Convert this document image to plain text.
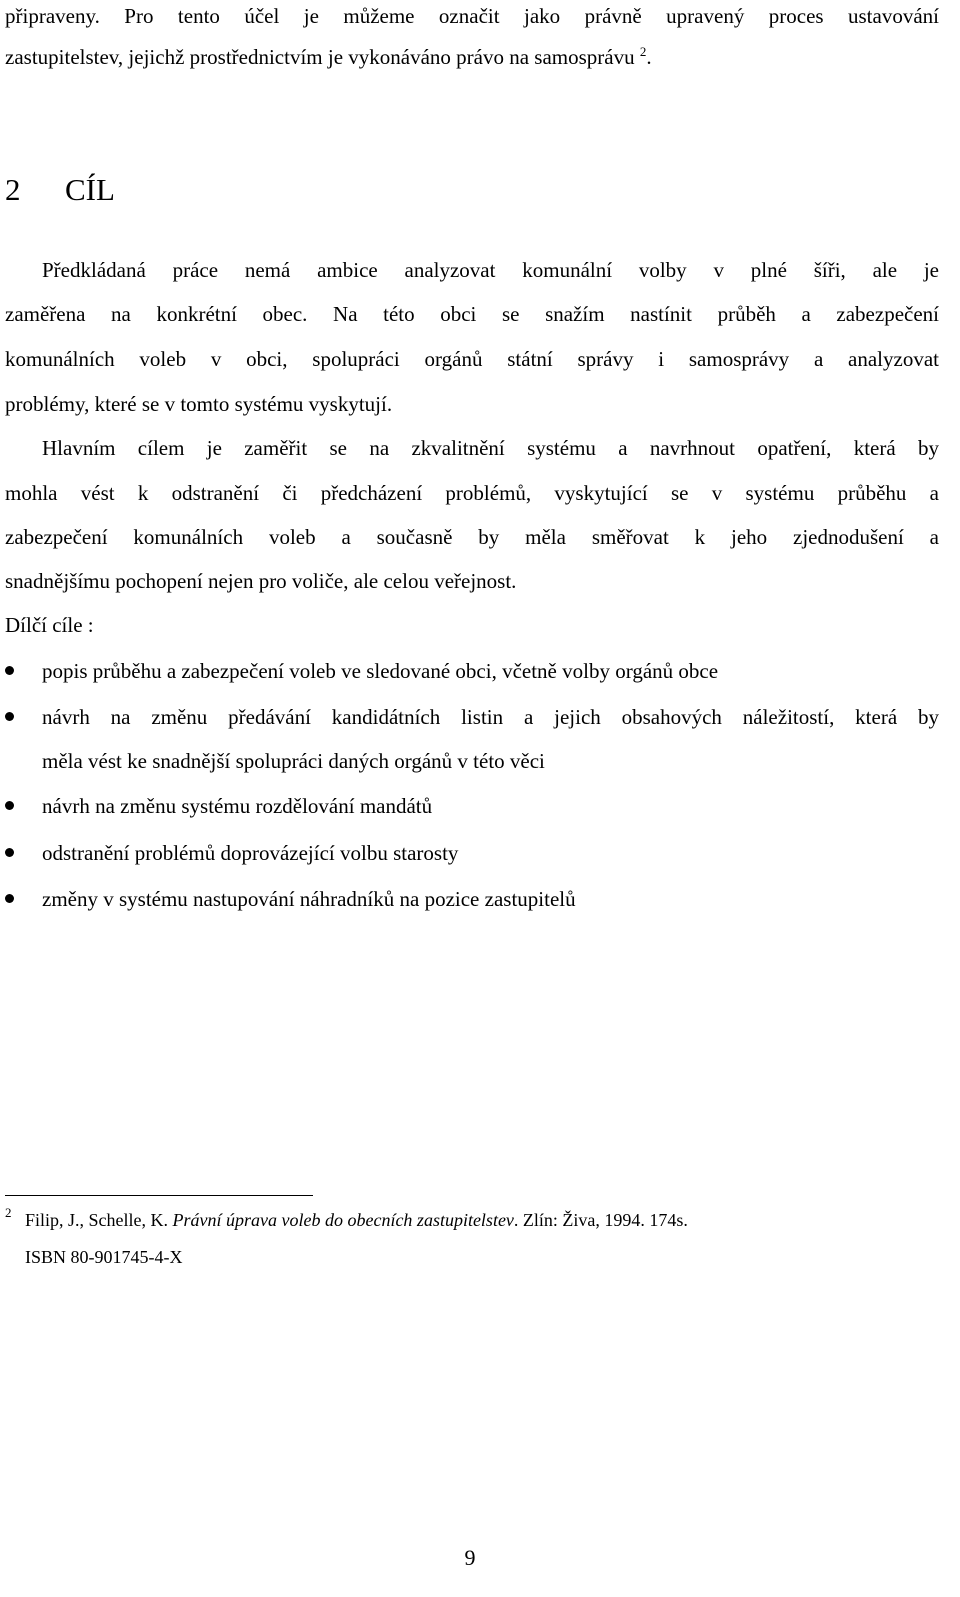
připraveny. Pro tento účel je můžeme označit jako právně upravený proces ustavování
zastupitelstev, jejichž prostřednictvím je vykonáváno právo na samosprávu $^2$.
2 CÍL
Předkládaná práce nemá ambice analyzovat komunální volby v plné šíři, ale je
zaměřena na konkrétní obec. Na této obci se snažím nastínit průběh a zabezpečení
komunálních voleb v obci, spolupráci orgánů státní správy i samosprávy a analyzovat
problémy, které se v tomto systému vyskytují.
Hlavním cílem je zaměřit se na zkvalitnění systému a navrhnout opatření, která by
mohla vést k odstranění či předcházení problémů, vyskytující se v systému průběhu a
zabezpečení komunálních voleb a současně by měla směřovat k jeho zjednodušení a
snadnějšímu pochopení nejen pro voliče, ale celou veřejnost.
Dílčí cíle :
popis průběhu a zabezpečení voleb ve sledované obci, včetně volby orgánů obce
návrh na změnu předávání kandidátních listin a jejich obsahových náležitostí, která by
měla vést ke snadnější spolupráci daných orgánů v této věci
návrh na změnu systému rozdělování mandátů
odstranění problémů doprovázející volbu starosty
změny v systému nastupování náhradníků na pozice zastupitelů
2 Filip, J., Schelle, K. Právní úprava voleb do obecních zastupitelstev. Zlín: Živa, 1994. 174s.
ISBN 80-901745-4-X
9
